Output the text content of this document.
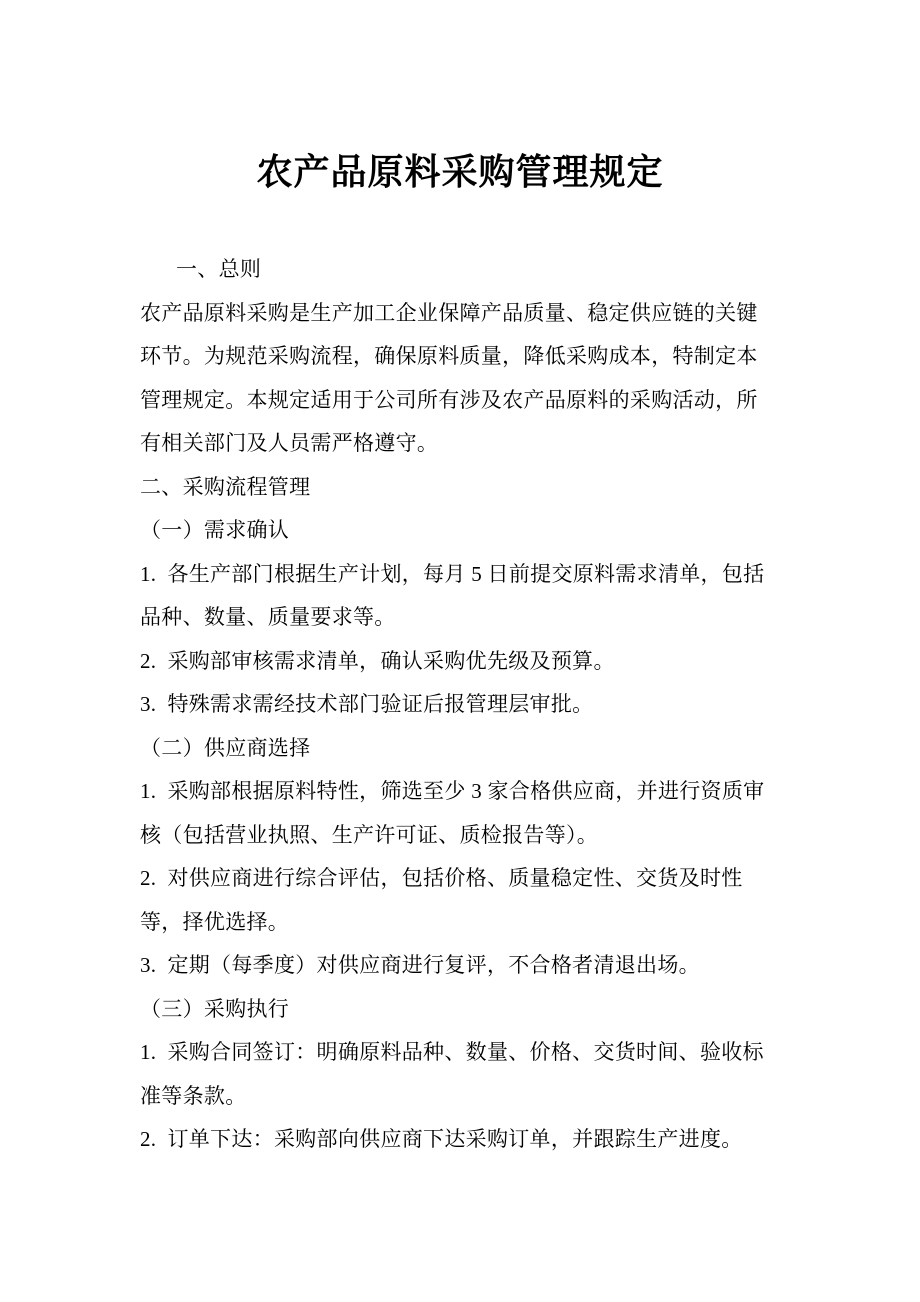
农产品原料采购管理规定
一、总则
农产品原料采购是生产加工企业保障产品质量、稳定供应链的关键
环节。为规范采购流程，确保原料质量，降低采购成本，特制定本
管理规定。本规定适用于公司所有涉及农产品原料的采购活动，所
有相关部门及人员需严格遵守。
二、采购流程管理
（一）需求确认
1.  各生产部门根据生产计划，每月 5 日前提交原料需求清单，包括
品种、数量、质量要求等。
2.  采购部审核需求清单，确认采购优先级及预算。
3.  特殊需求需经技术部门验证后报管理层审批。
（二）供应商选择
1.  采购部根据原料特性，筛选至少 3 家合格供应商，并进行资质审
核（包括营业执照、生产许可证、质检报告等）。
2.  对供应商进行综合评估，包括价格、质量稳定性、交货及时性
等，择优选择。
3.  定期（每季度）对供应商进行复评，不合格者清退出场。
（三）采购执行
1.  采购合同签订：明确原料品种、数量、价格、交货时间、验收标
准等条款。
2.  订单下达：采购部向供应商下达采购订单，并跟踪生产进度。
